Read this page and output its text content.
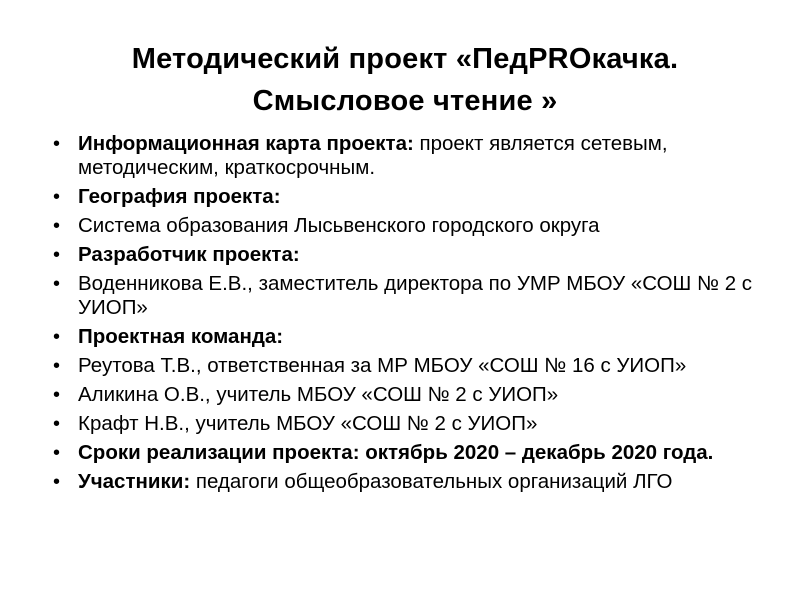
Методический проект «ПедPROкачка.
Смысловое чтение »
• Информационная карта проекта: проект является сетевым, методическим, краткосрочным.
• География проекта:
• Система образования Лысьвенского городского округа
• Разработчик проекта:
• Воденникова Е.В., заместитель директора по УМР МБОУ «СОШ № 2 с УИОП»
• Проектная команда:
• Реутова Т.В., ответственная за МР МБОУ «СОШ № 16 с УИОП»
• Аликина О.В., учитель МБОУ «СОШ № 2 с УИОП»
• Крафт Н.В., учитель МБОУ «СОШ № 2 с УИОП»
• Сроки реализации проекта: октябрь 2020 – декабрь 2020 года.
• Участники: педагоги общеобразовательных организаций ЛГО
